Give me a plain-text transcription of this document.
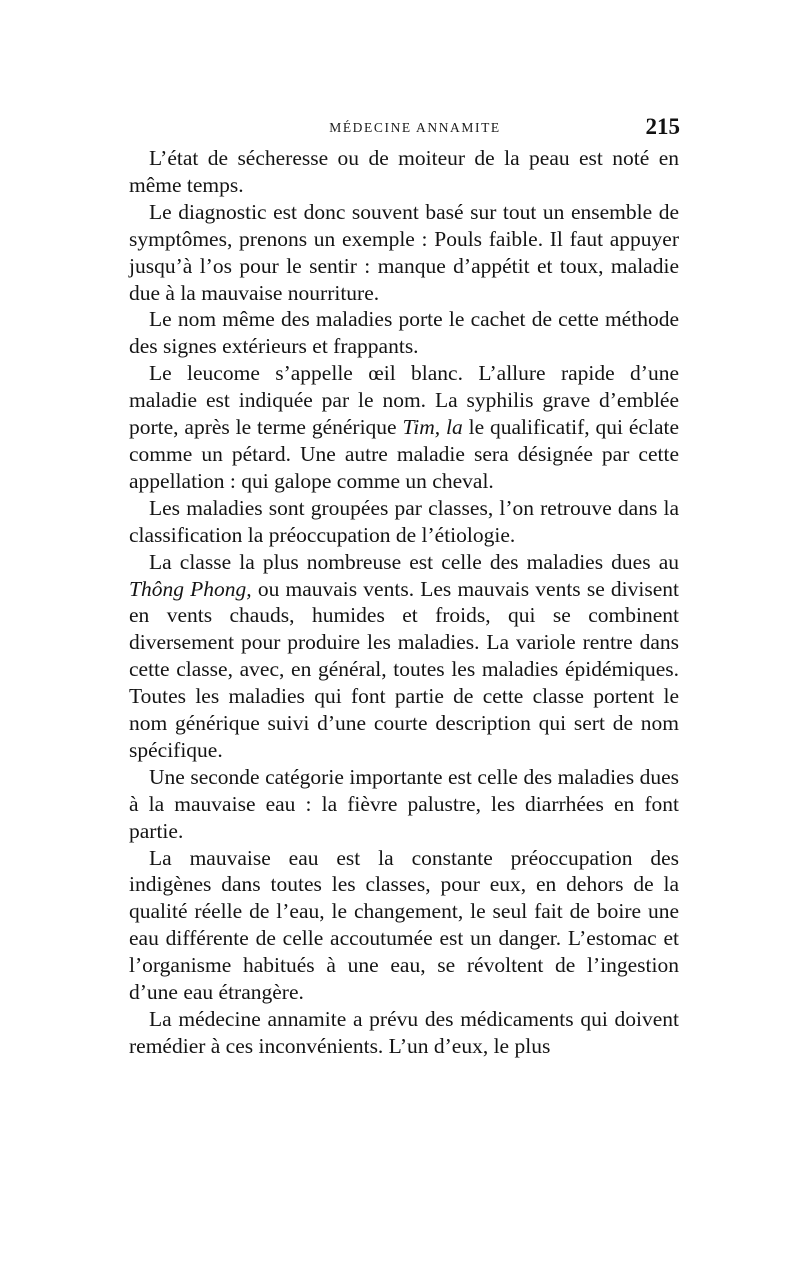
MÉDECINE ANNAMITE	215

L’état de sécheresse ou de moiteur de la peau est noté en même temps.

Le diagnostic est donc souvent basé sur tout un ensemble de symptômes, prenons un exemple : Pouls faible. Il faut appuyer jusqu’à l’os pour le sentir : manque d’appétit et toux, maladie due à la mauvaise nourriture.

Le nom même des maladies porte le cachet de cette méthode des signes extérieurs et frappants.

Le leucome s’appelle œil blanc. L’allure rapide d’une maladie est indiquée par le nom. La syphilis grave d’emblée porte, après le terme générique Tim, la le qualificatif, qui éclate comme un pétard. Une autre maladie sera désignée par cette appellation : qui galope comme un cheval.

Les maladies sont groupées par classes, l’on retrouve dans la classification la préoccupation de l’étiologie.

La classe la plus nombreuse est celle des maladies dues au Thông Phong, ou mauvais vents. Les mauvais vents se divisent en vents chauds, humides et froids, qui se combinent diversement pour produire les maladies. La variole rentre dans cette classe, avec, en général, toutes les maladies épidémiques. Toutes les maladies qui font partie de cette classe portent le nom générique suivi d’une courte description qui sert de nom spécifique.

Une seconde catégorie importante est celle des maladies dues à la mauvaise eau : la fièvre palustre, les diarrhées en font partie.

La mauvaise eau est la constante préoccupation des indigènes dans toutes les classes, pour eux, en dehors de la qualité réelle de l’eau, le changement, le seul fait de boire une eau différente de celle accoutumée est un danger. L’estomac et l’organisme habitués à une eau, se révoltent de l’ingestion d’une eau étrangère.

La médecine annamite a prévu des médicaments qui doivent remédier à ces inconvénients. L’un d’eux, le plus
